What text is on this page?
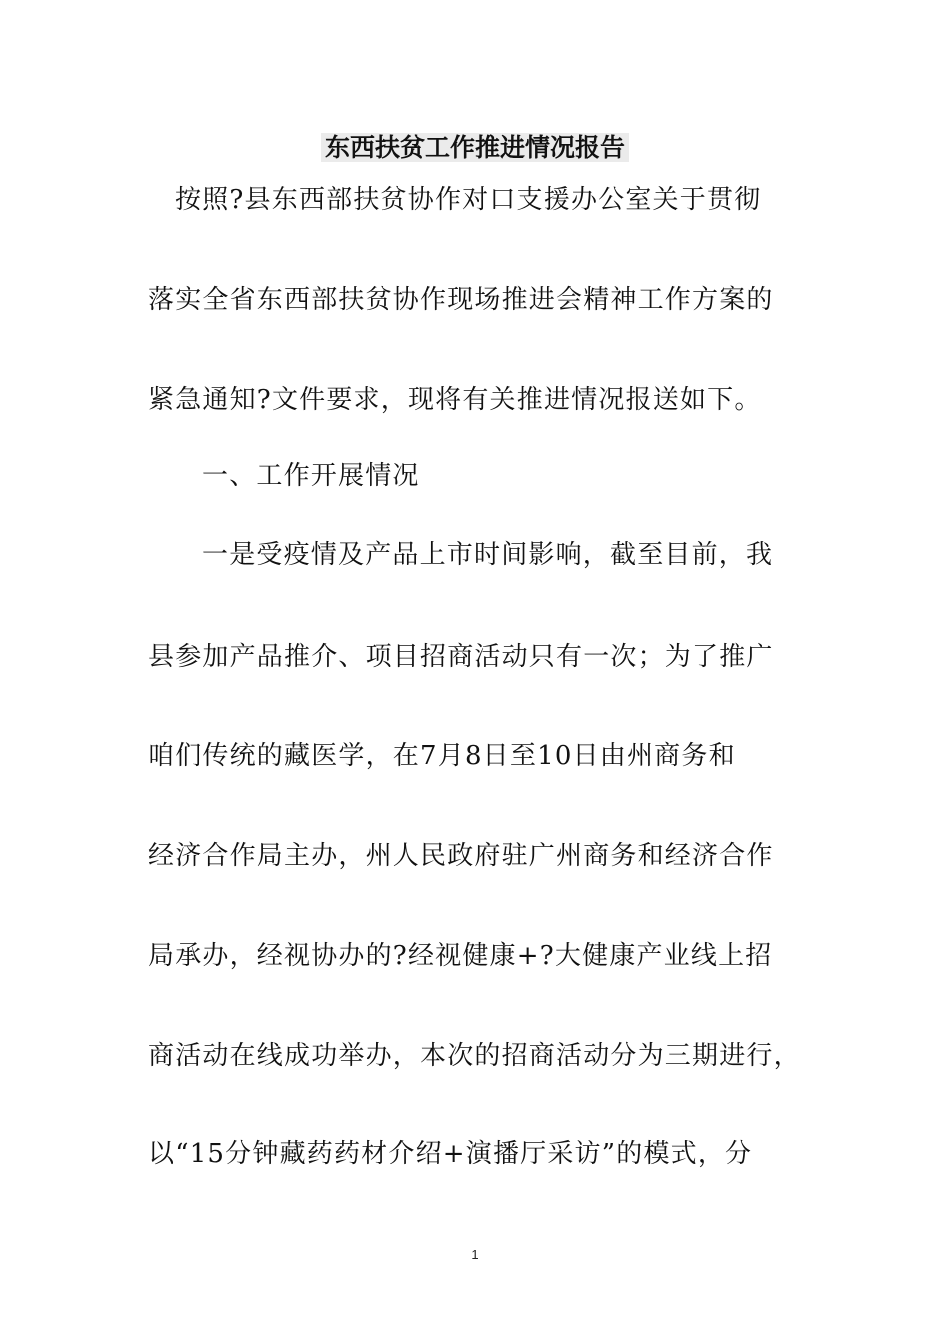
东西扶贫工作推进情况报告
按照?县东西部扶贫协作对口支援办公室关于贯彻
落实全省东西部扶贫协作现场推进会精神工作方案的
紧急通知?文件要求，现将有关推进情况报送如下。
一、工作开展情况
一是受疫情及产品上市时间影响，截至目前，我
县参加产品推介、项目招商活动只有一次；为了推广
咱们传统的藏医学，在7月8日至10日由州商务和
经济合作局主办，州人民政府驻广州商务和经济合作
局承办，经视协办的?经视健康+?大健康产业线上招
商活动在线成功举办，本次的招商活动分为三期进行，
以“15分钟藏药药材介绍+演播厅采访”的模式，分
1
